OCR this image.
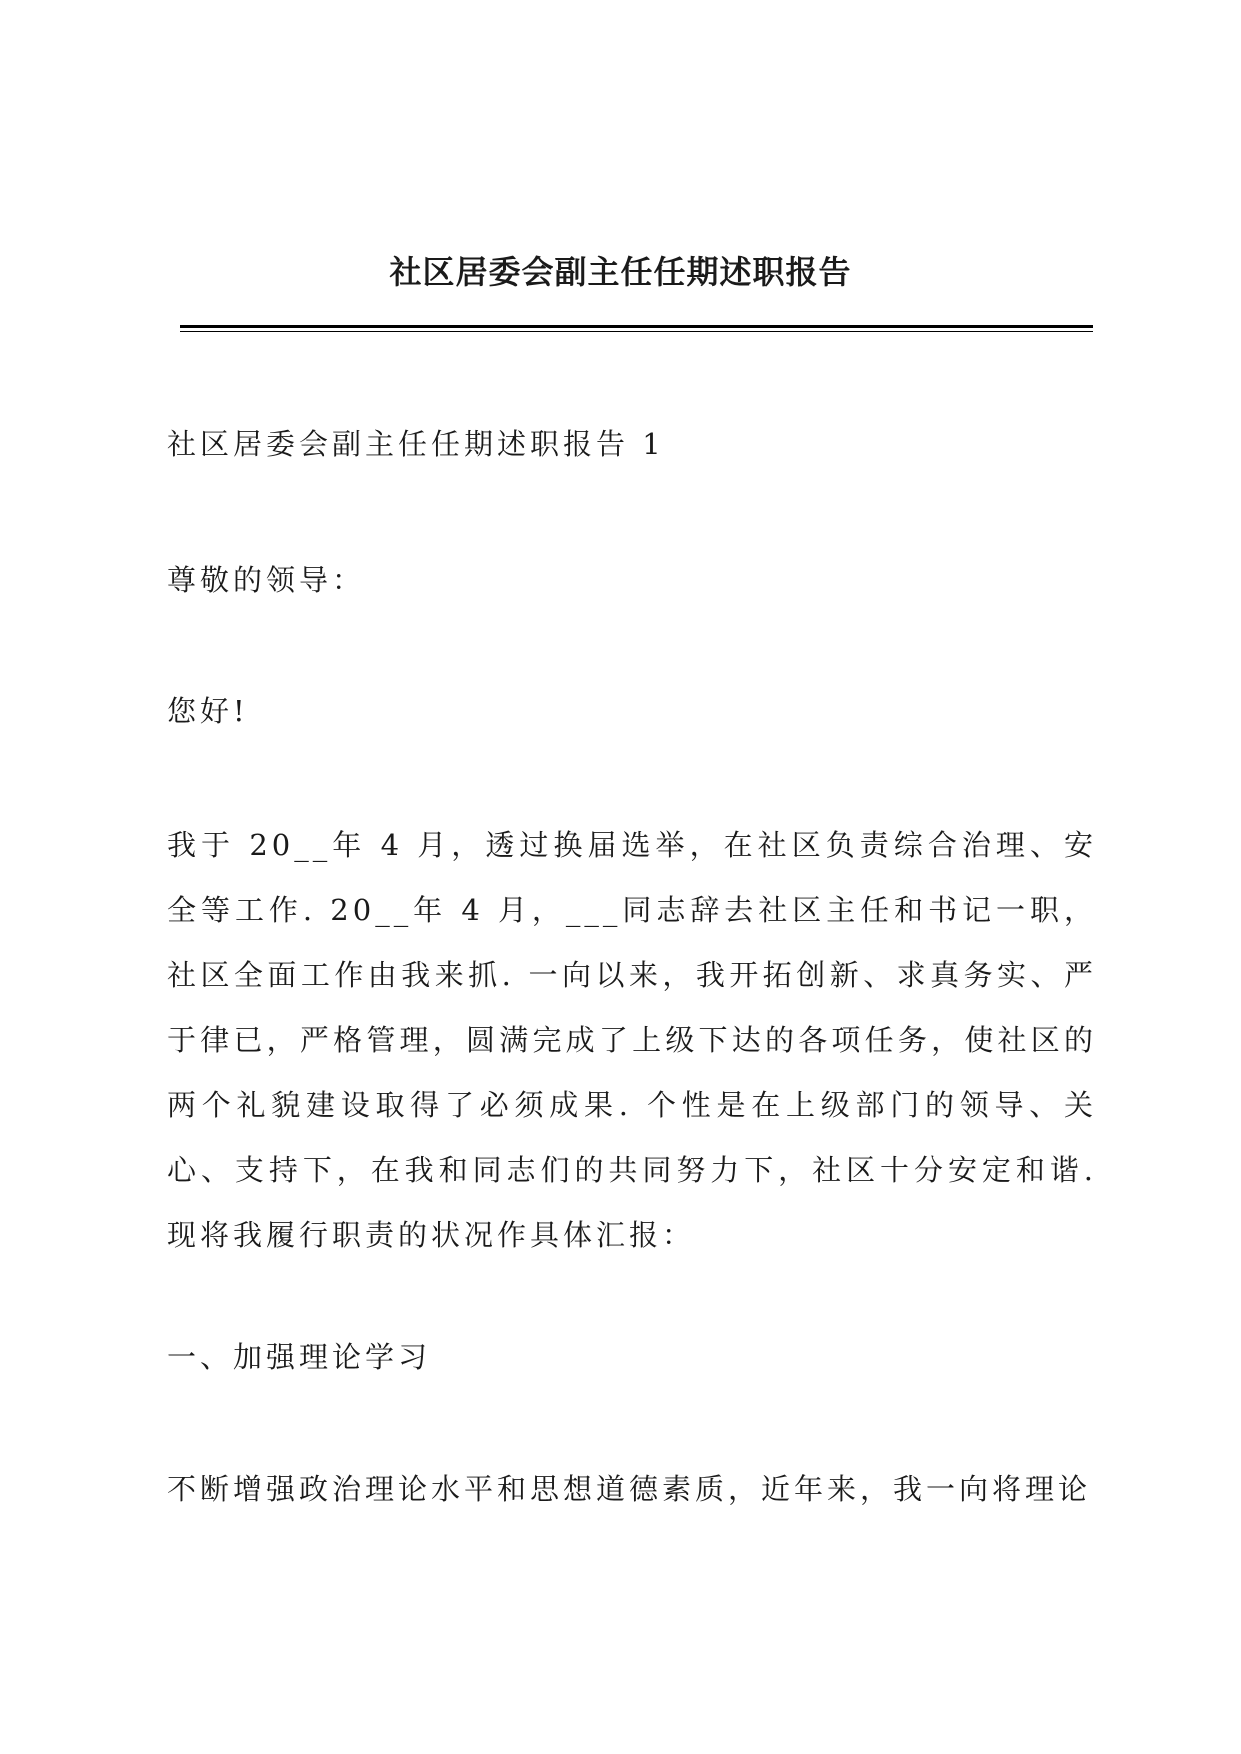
社区居委会副主任任期述职报告

社区居委会副主任任期述职报告 1

尊敬的领导：

您好!

我于 20__年 4 月，透过换届选举，在社区负责综合治理、安全等工作. 20__年 4 月，___同志辞去社区主任和书记一职，社区全面工作由我来抓. 一向以来，我开拓创新、求真务实、严于律已，严格管理，圆满完成了上级下达的各项任务，使社区的两个礼貌建设取得了必须成果. 个性是在上级部门的领导、关心、支持下，在我和同志们的共同努力下，社区十分安定和谐. 现将我履行职责的状况作具体汇报：

一、加强理论学习

不断增强政治理论水平和思想道德素质，近年来，我一向将理论
